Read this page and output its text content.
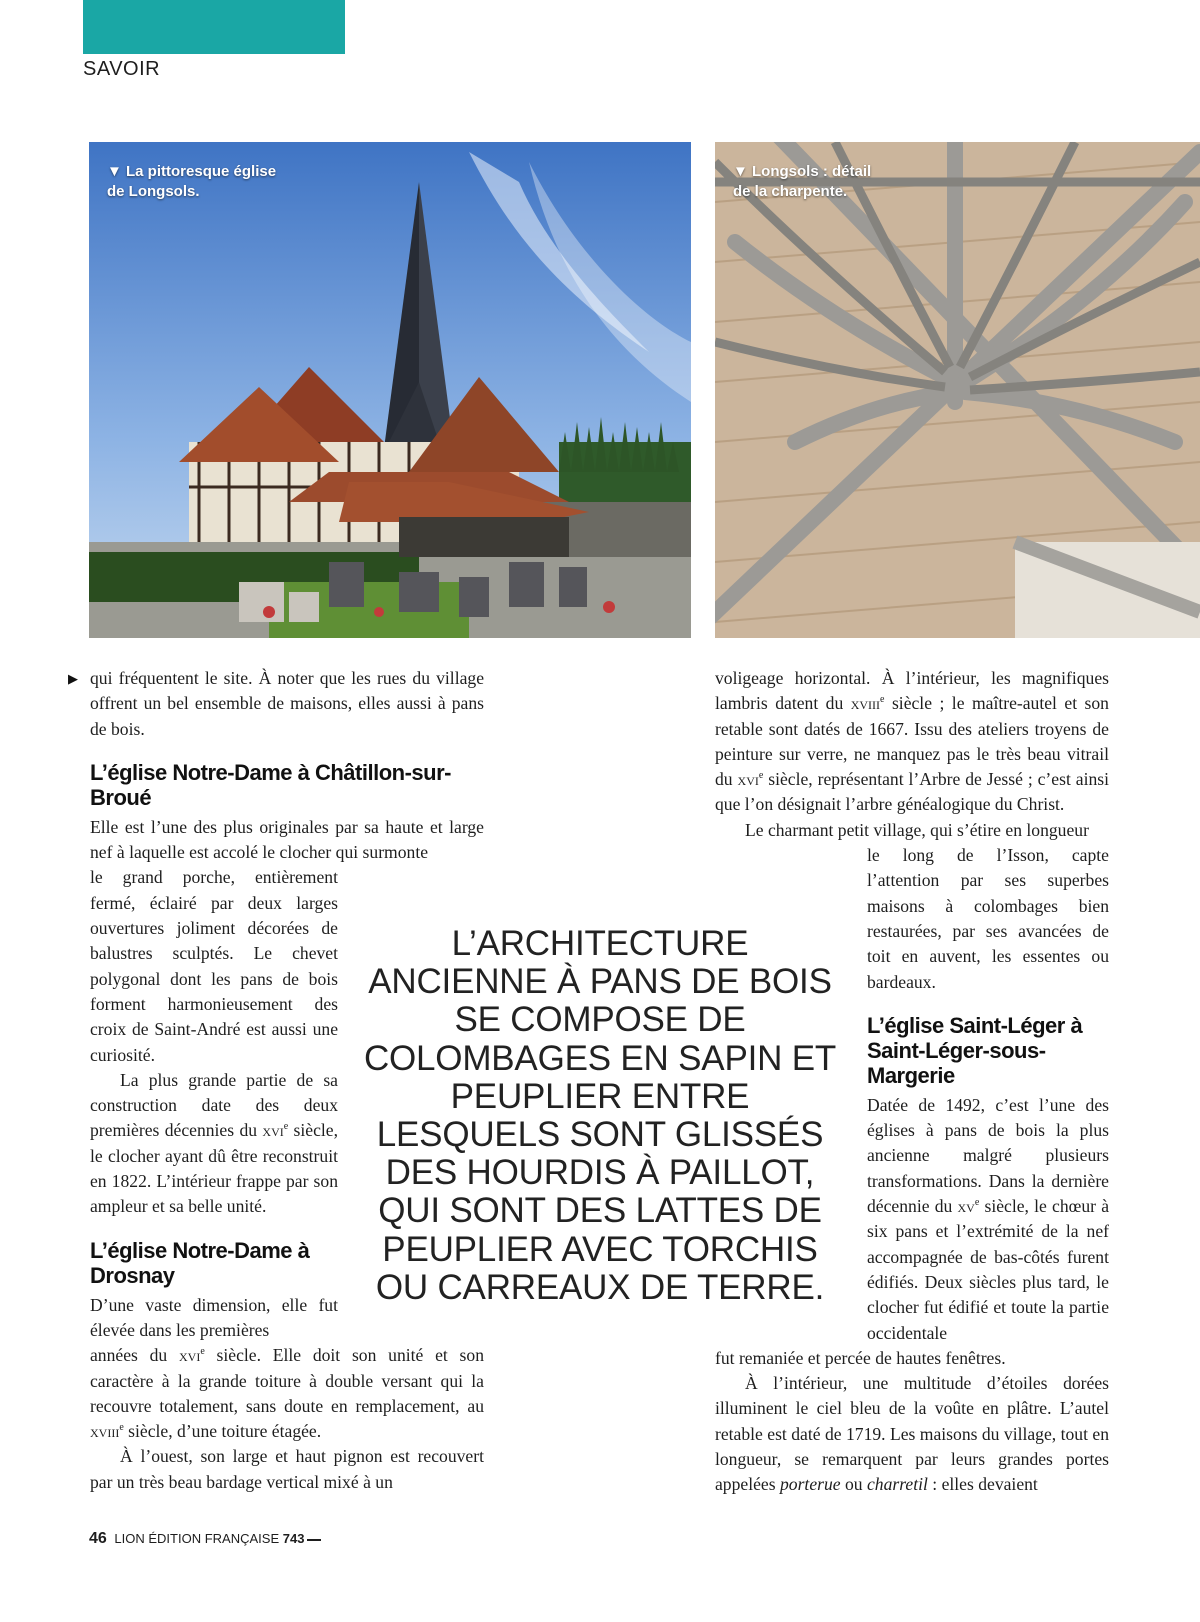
SAVOIR
▼ La pittoresque église de Longsols.
▼ Longsols : détail de la charpente.
▶ qui fréquentent le site. À noter que les rues du village offrent un bel ensemble de maisons, elles aussi à pans de bois.

L’église Notre-Dame à Châtillon-sur-Broué

Elle est l’une des plus originales par sa haute et large nef à laquelle est accolé le clocher qui surmonte

le grand porche, entièrement fermé, éclairé par deux larges ouvertures joliment décorées de balustres sculptés. Le chevet polygonal dont les pans de bois forment harmonieusement des croix de Saint-André est aussi une curiosité.

La plus grande partie de sa construction date des deux premières décennies du xvi$^e$ siècle, le clocher ayant dû être reconstruit en 1822. L’intérieur frappe par son ampleur et sa belle unité.

L’église Notre-Dame à Drosnay

D’une vaste dimension, elle fut élevée dans les premières

années du xvi$^e$ siècle. Elle doit son unité et son caractère à la grande toiture à double versant qui la recouvre totalement, sans doute en remplacement, au xviii$^e$ siècle, d’une toiture étagée.

À l’ouest, son large et haut pignon est recouvert par un très beau bardage vertical mixé à un

L’ARCHITECTURE ANCIENNE À PANS DE BOIS SE COMPOSE DE COLOMBAGES EN SAPIN ET PEUPLIER ENTRE LESQUELS SONT GLISSÉS DES HOURDIS À PAILLOT, QUI SONT DES LATTES DE PEUPLIER AVEC TORCHIS OU CARREAUX DE TERRE.

voligeage horizontal. À l’intérieur, les magnifiques lambris datent du xviii$^e$ siècle ; le maître-autel et son retable sont datés de 1667. Issu des ateliers troyens de peinture sur verre, ne manquez pas le très beau vitrail du xvi$^e$ siècle, représentant l’Arbre de Jessé ; c’est ainsi que l’on désignait l’arbre généalogique du Christ.

Le charmant petit village, qui s’étire en longueur

le long de l’Isson, capte l’attention par ses superbes maisons à colombages bien restaurées, par ses avancées de toit en auvent, les essentes ou bardeaux.

L’église Saint-Léger à Saint-Léger-sous-Margerie

Datée de 1492, c’est l’une des églises à pans de bois la plus ancienne malgré plusieurs transformations. Dans la dernière décennie du $xv^e$ siècle, le chœur à six pans et l’extrémité de la nef accompagnée de bas-côtés furent édifiés. Deux siècles plus tard, le clocher fut édifié et toute la partie occidentale

fut remaniée et percée de hautes fenêtres.

À l’intérieur, une multitude d’étoiles dorées illuminent le ciel bleu de la voûte en plâtre. L’autel retable est daté de 1719. Les maisons du village, tout en longueur, se remarquent par leurs grandes portes appelées porterue ou charretil : elles devaient

46 LION ÉDITION FRANÇAISE 743
